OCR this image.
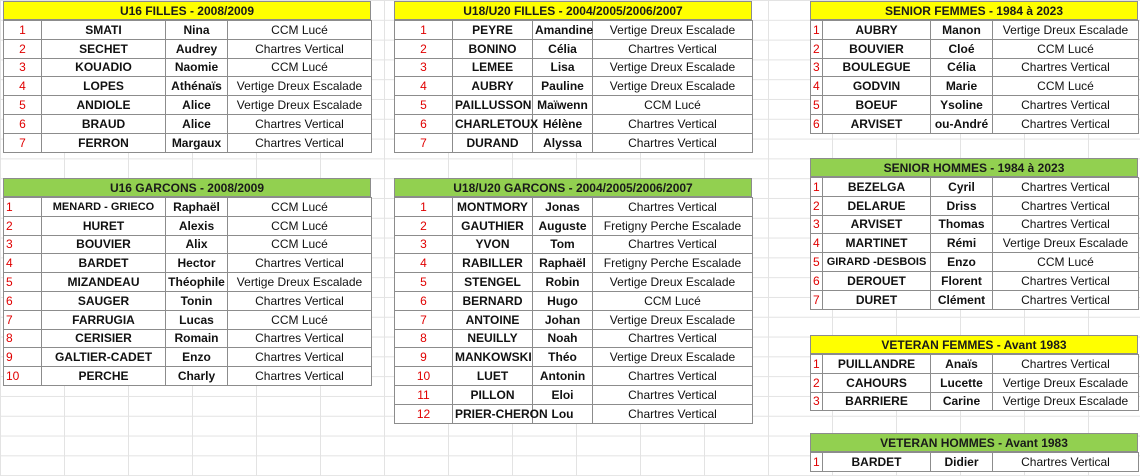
U16 FILLES - 2008/2009
1	SMATI	Nina	CCM Lucé
2	SECHET	Audrey	Chartres Vertical
3	KOUADIO	Naomie	CCM Lucé
4	LOPES	Athénaïs	Vertige Dreux Escalade
5	ANDIOLE	Alice	Vertige Dreux Escalade
6	BRAUD	Alice	Chartres Vertical
7	FERRON	Margaux	Chartres Vertical
U16 GARCONS - 2008/2009
1	MENARD - GRIECO	Raphaël	CCM Lucé
2	HURET	Alexis	CCM Lucé
3	BOUVIER	Alix	CCM Lucé
4	BARDET	Hector	Chartres Vertical
5	MIZANDEAU	Théophile	Vertige Dreux Escalade
6	SAUGER	Tonin	Chartres Vertical
7	FARRUGIA	Lucas	CCM Lucé
8	CERISIER	Romain	Chartres Vertical
9	GALTIER-CADET	Enzo	Chartres Vertical
10	PERCHE	Charly	Chartres Vertical
U18/U20 FILLES - 2004/2005/2006/2007
1	PEYRE	Amandine	Vertige Dreux Escalade
2	BONINO	Célia	Chartres Vertical
3	LEMEE	Lisa	Vertige Dreux Escalade
4	AUBRY	Pauline	Vertige Dreux Escalade
5	PAILLUSSON	Maïwenn	CCM Lucé
6	CHARLETOUX	Hélène	Chartres Vertical
7	DURAND	Alyssa	Chartres Vertical
U18/U20 GARCONS - 2004/2005/2006/2007
1	MONTMORY	Jonas	Chartres Vertical
2	GAUTHIER	Auguste	Fretigny Perche Escalade
3	YVON	Tom	Chartres Vertical
4	RABILLER	Raphaël	Fretigny Perche Escalade
5	STENGEL	Robin	Vertige Dreux Escalade
6	BERNARD	Hugo	CCM Lucé
7	ANTOINE	Johan	Vertige Dreux Escalade
8	NEUILLY	Noah	Chartres Vertical
9	MANKOWSKI	Théo	Vertige Dreux Escalade
10	LUET	Antonin	Chartres Vertical
11	PILLON	Eloi	Chartres Vertical
12	PRIER-CHERON	Lou	Chartres Vertical
SENIOR FEMMES - 1984 à 2023
1	AUBRY	Manon	Vertige Dreux Escalade
2	BOUVIER	Cloé	CCM Lucé
3	BOULEGUE	Célia	Chartres Vertical
4	GODVIN	Marie	CCM Lucé
5	BOEUF	Ysoline	Chartres Vertical
6	ARVISET	ou-André	Chartres Vertical
SENIOR HOMMES - 1984 à 2023
1	BEZELGA	Cyril	Chartres Vertical
2	DELARUE	Driss	Chartres Vertical
3	ARVISET	Thomas	Chartres Vertical
4	MARTINET	Rémi	Vertige Dreux Escalade
5	GIRARD -DESBOIS	Enzo	CCM Lucé
6	DEROUET	Florent	Chartres Vertical
7	DURET	Clément	Chartres Vertical
VETERAN FEMMES - Avant 1983
1	PUILLANDRE	Anaïs	Chartres Vertical
2	CAHOURS	Lucette	Vertige Dreux Escalade
3	BARRIERE	Carine	Vertige Dreux Escalade
VETERAN HOMMES - Avant 1983
1	BARDET	Didier	Chartres Vertical
